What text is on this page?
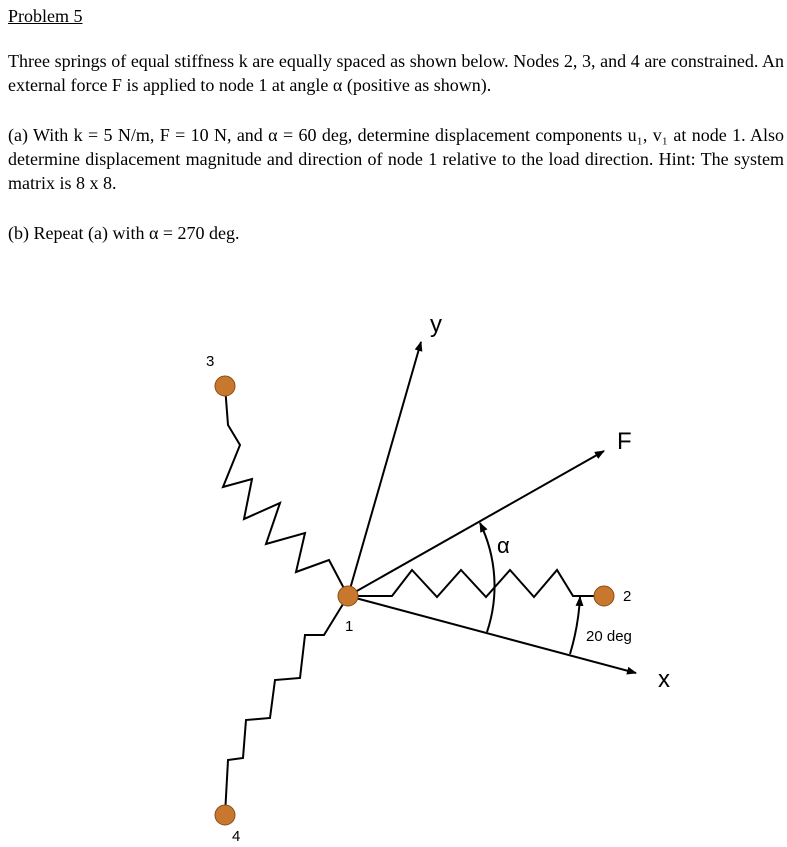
Problem 5
Three springs of equal stiffness k are equally spaced as shown below. Nodes 2, 3, and 4 are constrained. An external force F is applied to node 1 at angle α (positive as shown).
(a) With k = 5 N/m, F = 10 N, and α = 60 deg, determine displacement components u₁, v₁ at node 1. Also determine displacement magnitude and direction of node 1 relative to the load direction. Hint: The system matrix is 8 x 8.
(b) Repeat (a) with α = 270 deg.
y
x
F
α
20 deg
1
2
3
4
